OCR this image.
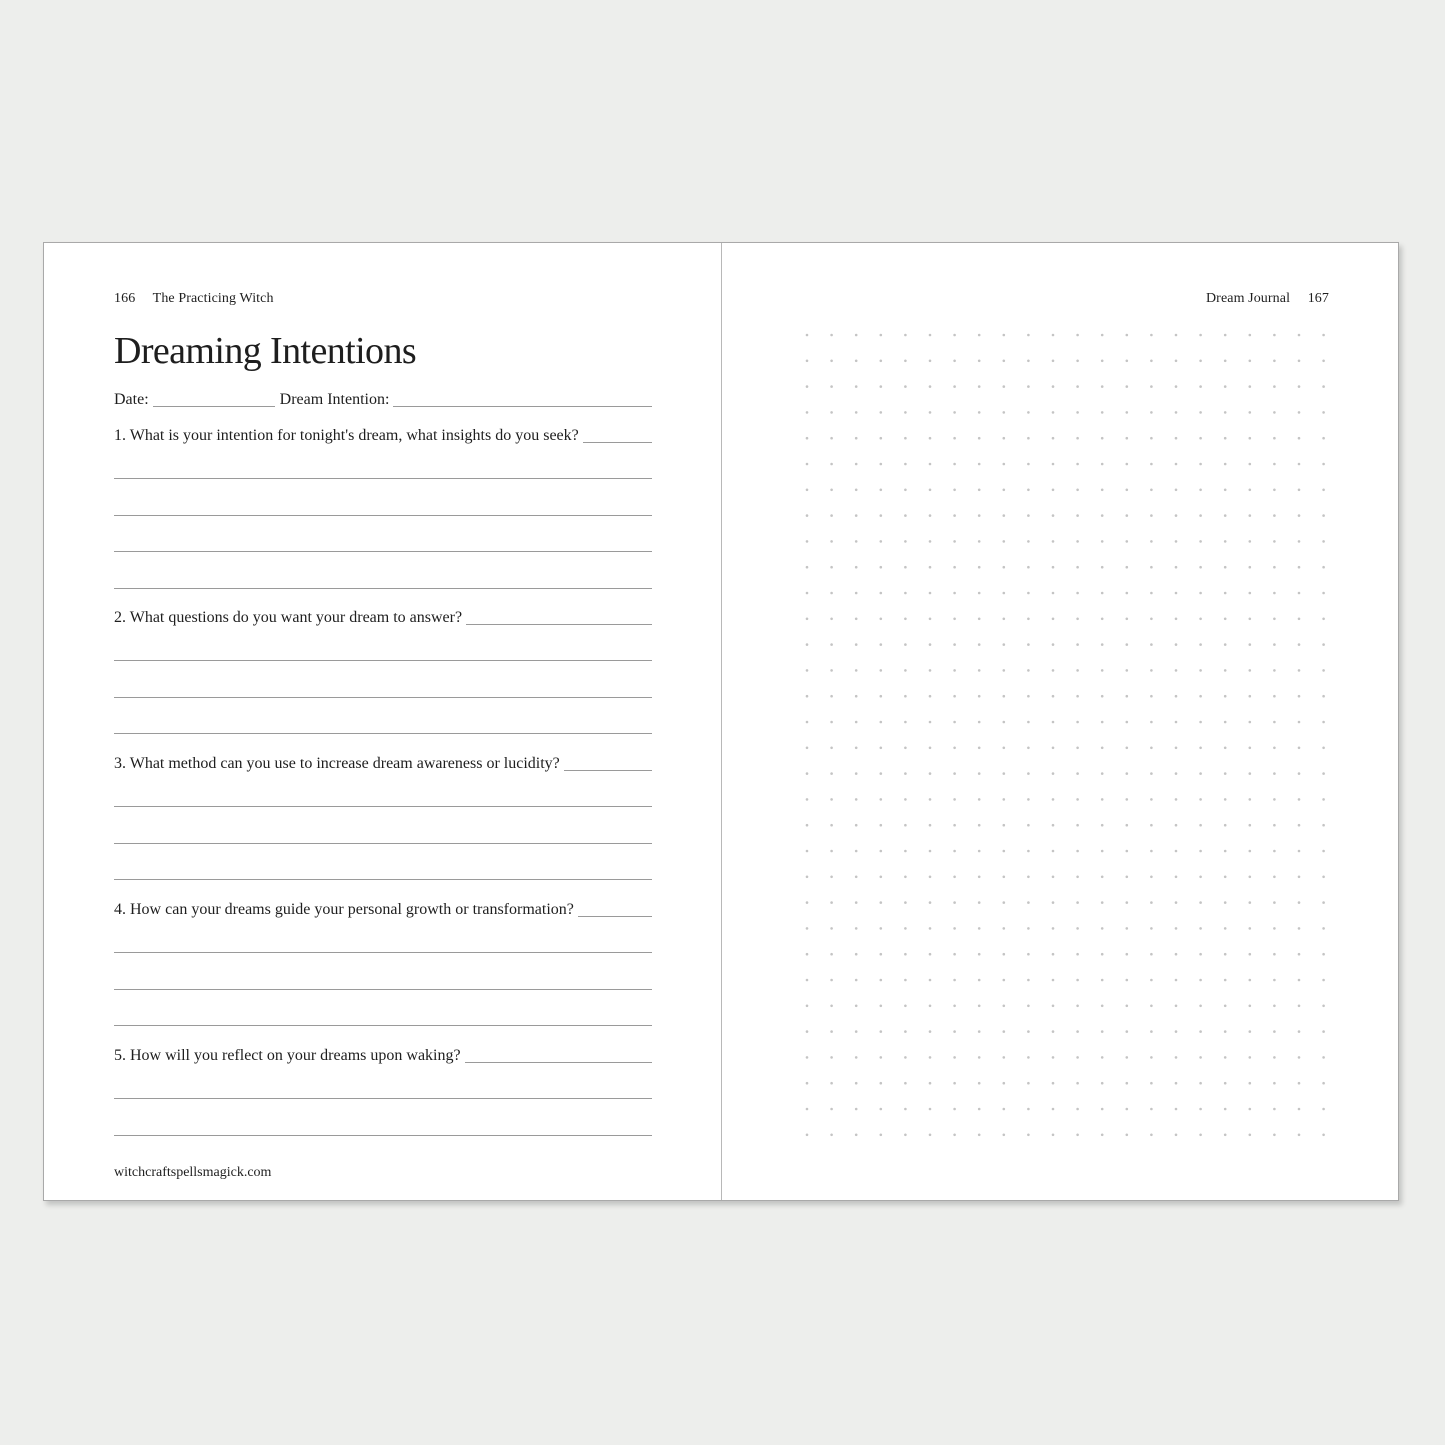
166 The Practicing Witch
Dreaming Intentions
Date:	Dream Intention:
1. What is your intention for tonight's dream, what insights do you seek?
2. What questions do you want your dream to answer?
3. What method can you use to increase dream awareness or lucidity?
4. How can your dreams guide your personal growth or transformation?
5. How will you reflect on your dreams upon waking?
witchcraftspellsmagick.com
Dream Journal 167
